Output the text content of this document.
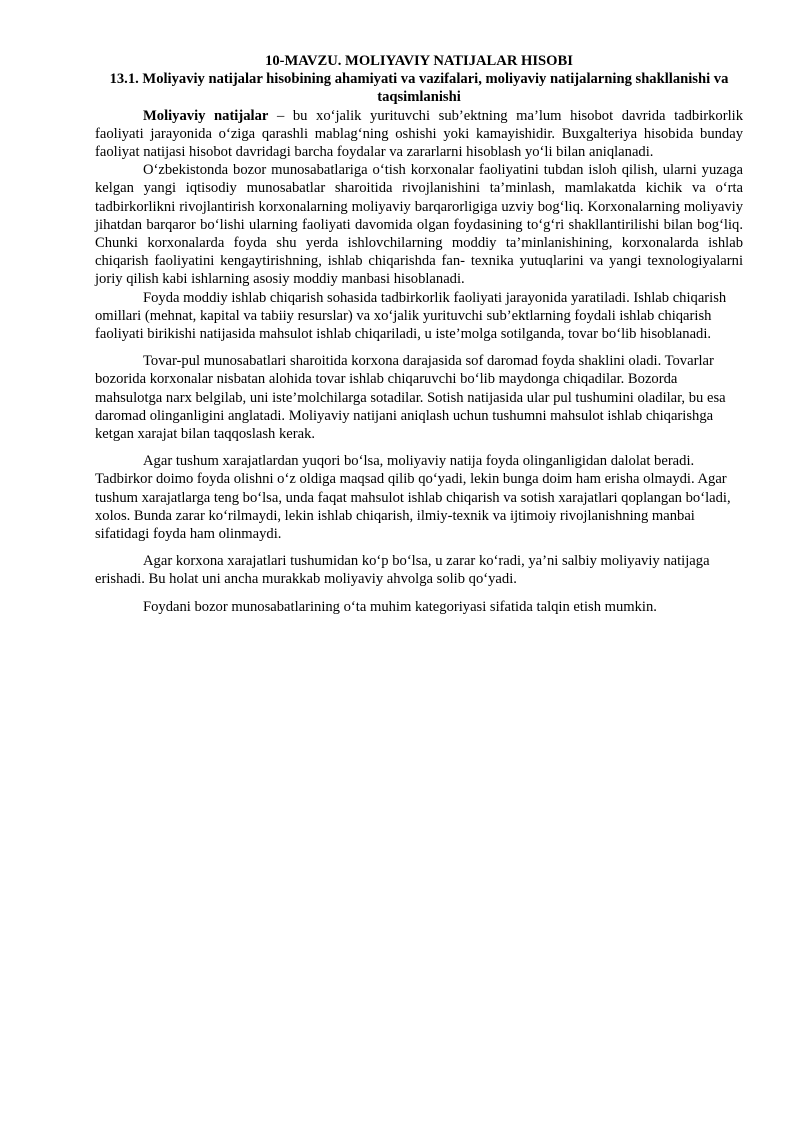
10-MAVZU. MOLIYAVIY NATIJALAR HISOBI

13.1. Moliyaviy natijalar hisobining ahamiyati va vazifalari, moliyaviy natijalarning shakllanishi va taqsimlanishi

Moliyaviy natijalar – bu xo‘jalik yurituvchi sub’ektning ma’lum hisobot davrida tadbirkorlik faoliyati jarayonida o‘ziga qarashli mablag‘ning oshishi yoki kamayishidir. Buxgalteriya hisobida bunday faoliyat natijasi hisobot davridagi barcha foydalar va zararlarni hisoblash yo‘li bilan aniqlanadi.

O‘zbekistonda bozor munosabatlariga o‘tish korxonalar faoliyatini tubdan isloh qilish, ularni yuzaga kelgan yangi iqtisodiy munosabatlar sharoitida rivojlanishini ta’minlash, mamlakatda kichik va o‘rta tadbirkorlikni rivojlantirish korxonalarning moliyaviy barqarorligiga uzviy bog‘liq. Korxonalarning moliyaviy jihatdan barqaror bo‘lishi ularning faoliyati davomida olgan foydasining to‘g‘ri shakllantirilishi bilan bog‘liq. Chunki korxonalarda foyda shu yerda ishlovchilarning moddiy ta’minlanishining, korxonalarda ishlab chiqarish faoliyatini kengaytirishning, ishlab chiqarishda fan- texnika yutuqlarini va yangi texnologiyalarni joriy qilish kabi ishlarning asosiy moddiy manbasi hisoblanadi.

Foyda moddiy ishlab chiqarish sohasida tadbirkorlik faoliyati jarayonida yaratiladi. Ishlab chiqarish omillari (mehnat, kapital va tabiiy resurslar) va xo‘jalik yurituvchi sub’ektlarning foydali ishlab chiqarish faoliyati birikishi natijasida mahsulot ishlab chiqariladi, u iste’molga sotilganda, tovar bo‘lib hisoblanadi.

Tovar-pul munosabatlari sharoitida korxona darajasida sof daromad foyda shaklini oladi. Tovarlar bozorida korxonalar nisbatan alohida tovar ishlab chiqaruvchi bo‘lib maydonga chiqadilar. Bozorda mahsulotga narx belgilab, uni iste’molchilarga sotadilar. Sotish natijasida ular pul tushumini oladilar, bu esa daromad olinganligini anglatadi. Moliyaviy natijani aniqlash uchun tushumni mahsulot ishlab chiqarishga ketgan xarajat bilan taqqoslash kerak.

Agar tushum xarajatlardan yuqori bo‘lsa, moliyaviy natija foyda olinganligidan dalolat beradi. Tadbirkor doimo foyda olishni o‘z oldiga maqsad qilib qo‘yadi, lekin bunga doim ham erisha olmaydi. Agar tushum xarajatlarga teng bo‘lsa, unda faqat mahsulot ishlab chiqarish va sotish xarajatlari qoplangan bo‘ladi, xolos. Bunda zarar ko‘rilmaydi, lekin ishlab chiqarish, ilmiy-texnik va ijtimoiy rivojlanishning manbai sifatidagi foyda ham olinmaydi.

Agar korxona xarajatlari tushumidan ko‘p bo‘lsa, u zarar ko‘radi, ya’ni salbiy moliyaviy natijaga erishadi. Bu holat uni ancha murakkab moliyaviy ahvolga solib qo‘yadi.

Foydani bozor munosabatlarining o‘ta muhim kategoriyasi sifatida talqin etish mumkin.
